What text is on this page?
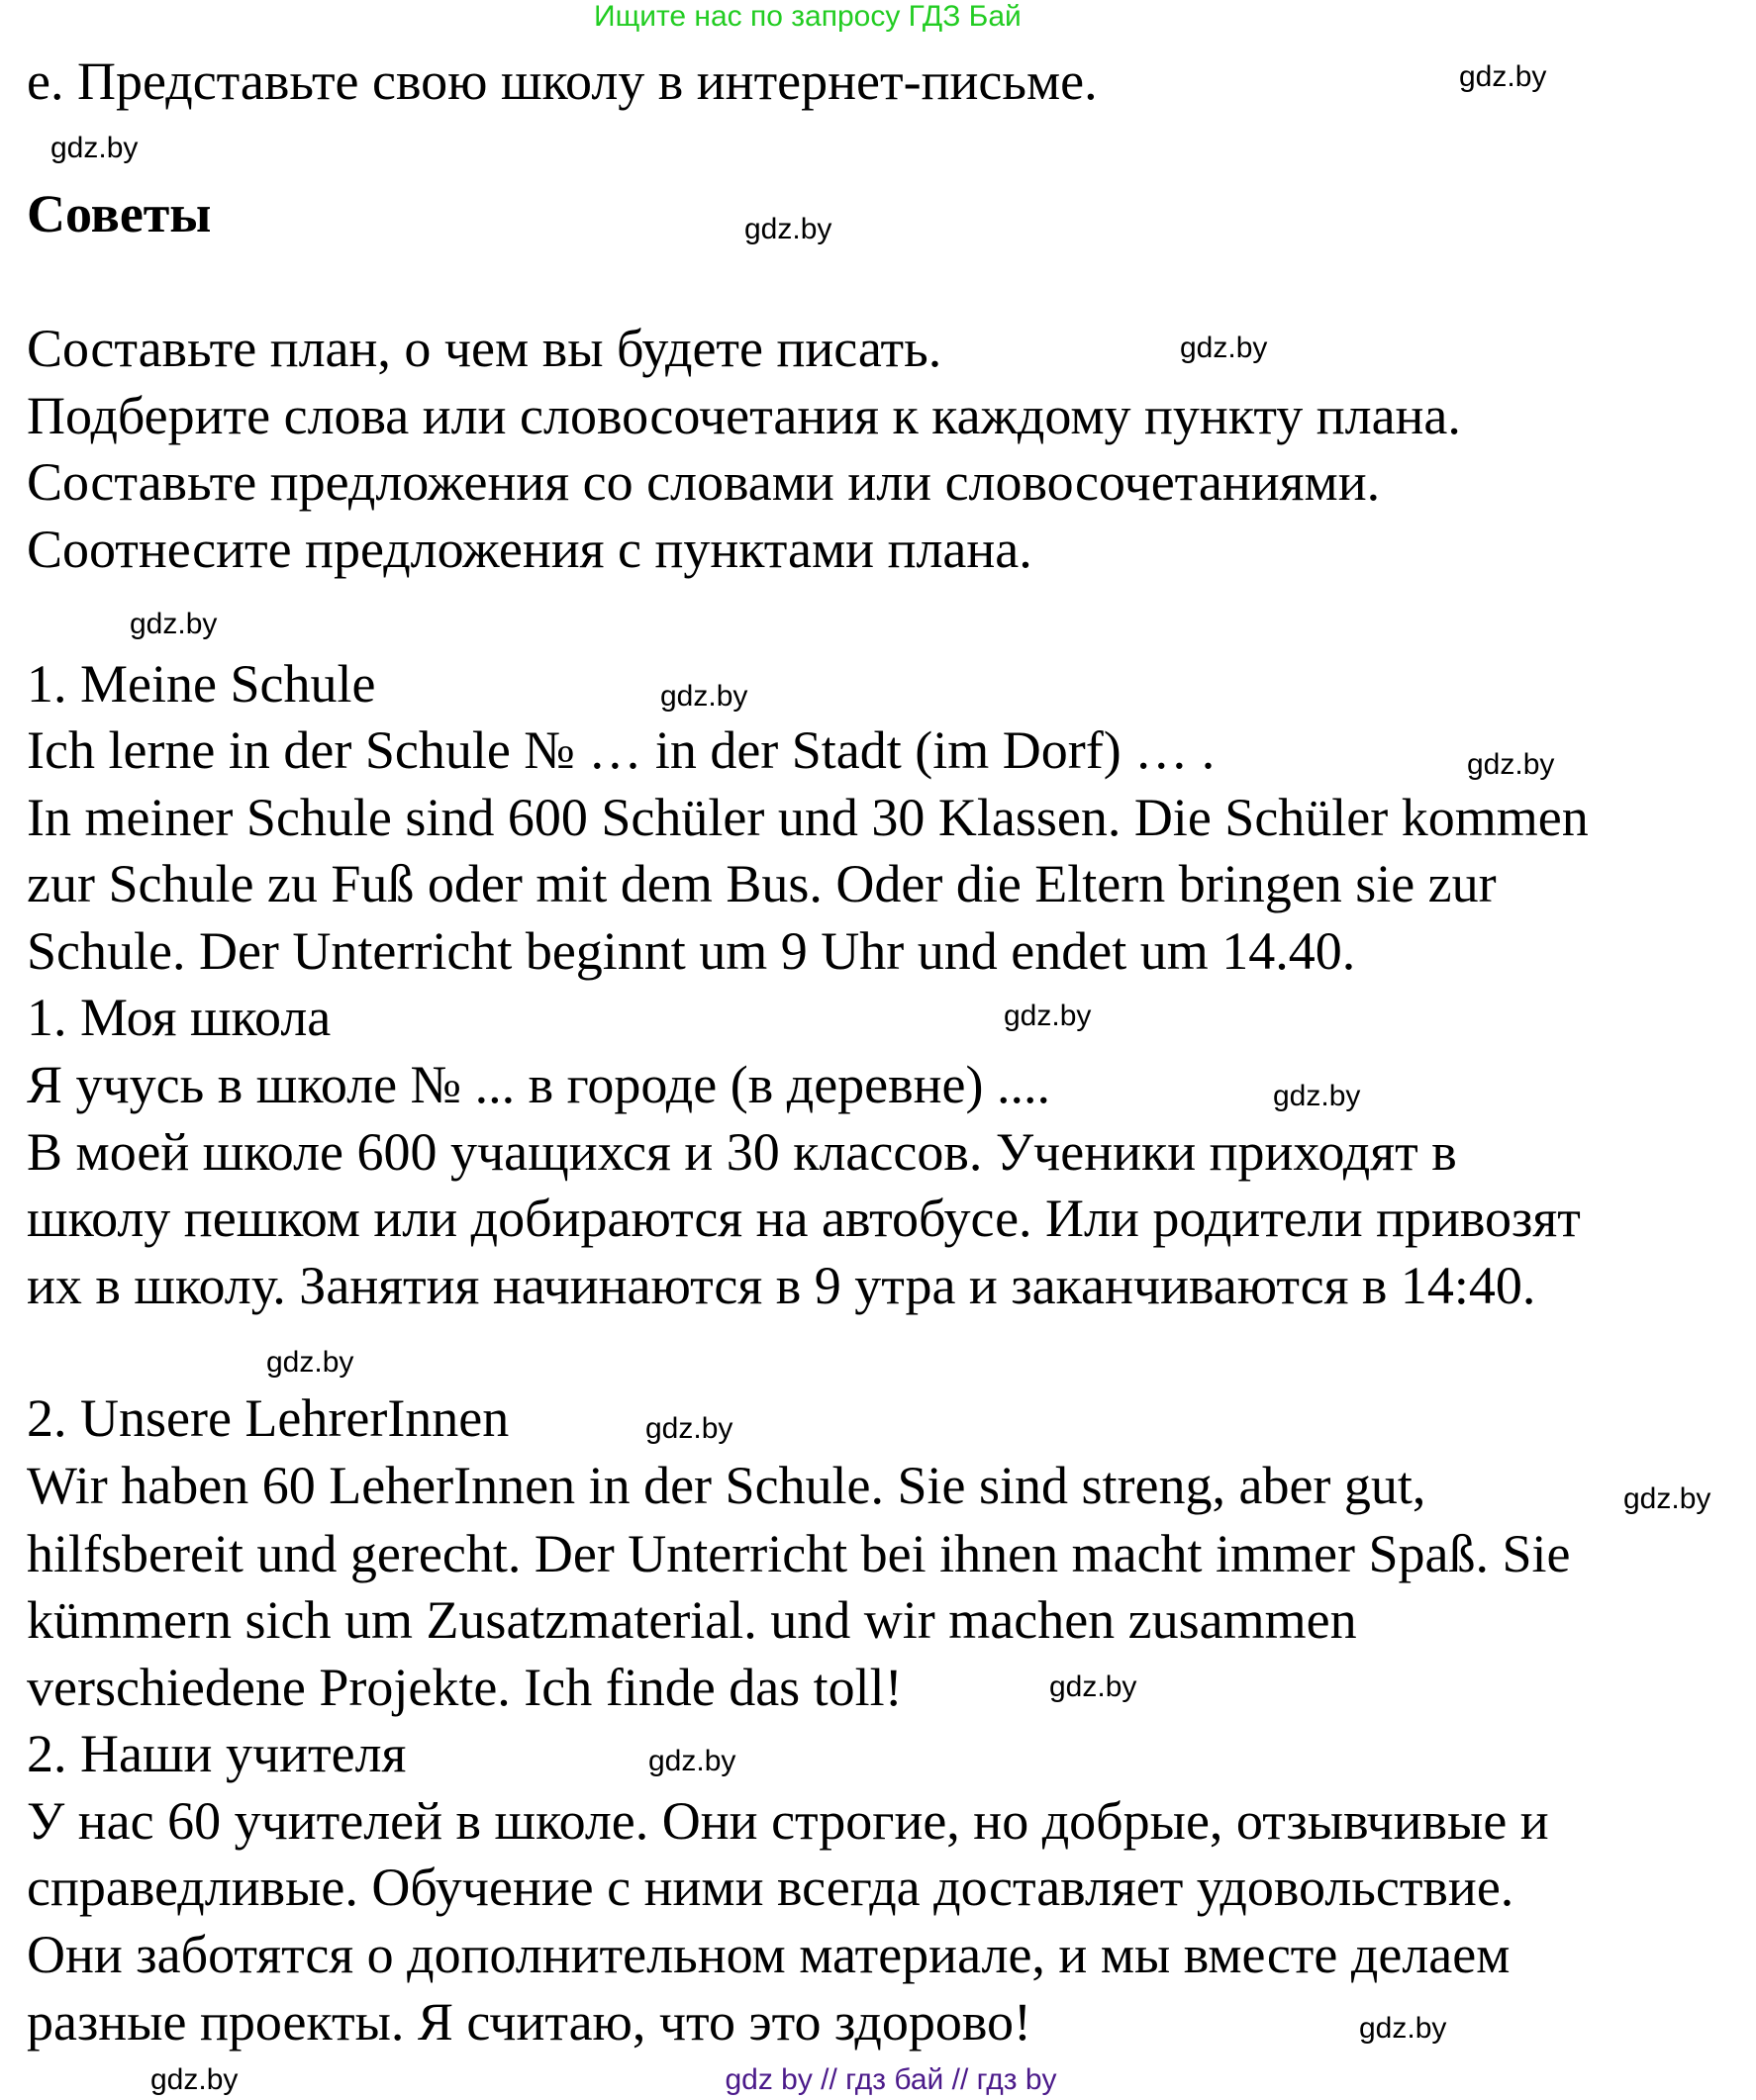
Ищите нас по запросу ГДЗ Бай
е. Представьте свою школу в интернет-письме.
Советы
Составьте план, о чем вы будете писать.
Подберите слова или словосочетания к каждому пункту плана.
Составьте предложения со словами или словосочетаниями.
Соотнесите предложения с пунктами плана.
1. Meine Schule
Ich lerne in der Schule № … in der Stadt (im Dorf) … .
In meiner Schule sind 600 Schüler und 30 Klassen. Die Schüler kommen
zur Schule zu Fuß oder mit dem Bus. Oder die Eltern bringen sie zur
Schule. Der Unterricht beginnt um 9 Uhr und endet um 14.40.
1. Моя школа
Я учусь в школе № ... в городе (в деревне) ....
В моей школе 600 учащихся и 30 классов. Ученики приходят в
школу пешком или добираются на автобусе. Или родители привозят
их в школу. Занятия начинаются в 9 утра и заканчиваются в 14:40.
2. Unsere LehrerInnen
Wir haben 60 LeherInnen in der Schule. Sie sind streng, aber gut,
hilfsbereit und gerecht. Der Unterricht bei ihnen macht immer Spaß. Sie
kümmern sich um Zusatzmaterial. und wir machen zusammen
verschiedene Projekte. Ich finde das toll!
2. Наши учителя
У нас 60 учителей в школе. Они строгие, но добрые, отзывчивые и
справедливые. Обучение с ними всегда доставляет удовольствие.
Они заботятся о дополнительном материале, и мы вместе делаем
разные проекты. Я считаю, что это здорово!
gdz.by
gdz.by
gdz.by
gdz.by
gdz.by
gdz.by
gdz.by
gdz.by
gdz.by
gdz.by
gdz.by
gdz.by
gdz.by
gdz.by
gdz.by
gdz.by
gdz by // гдз бай // гдз by
